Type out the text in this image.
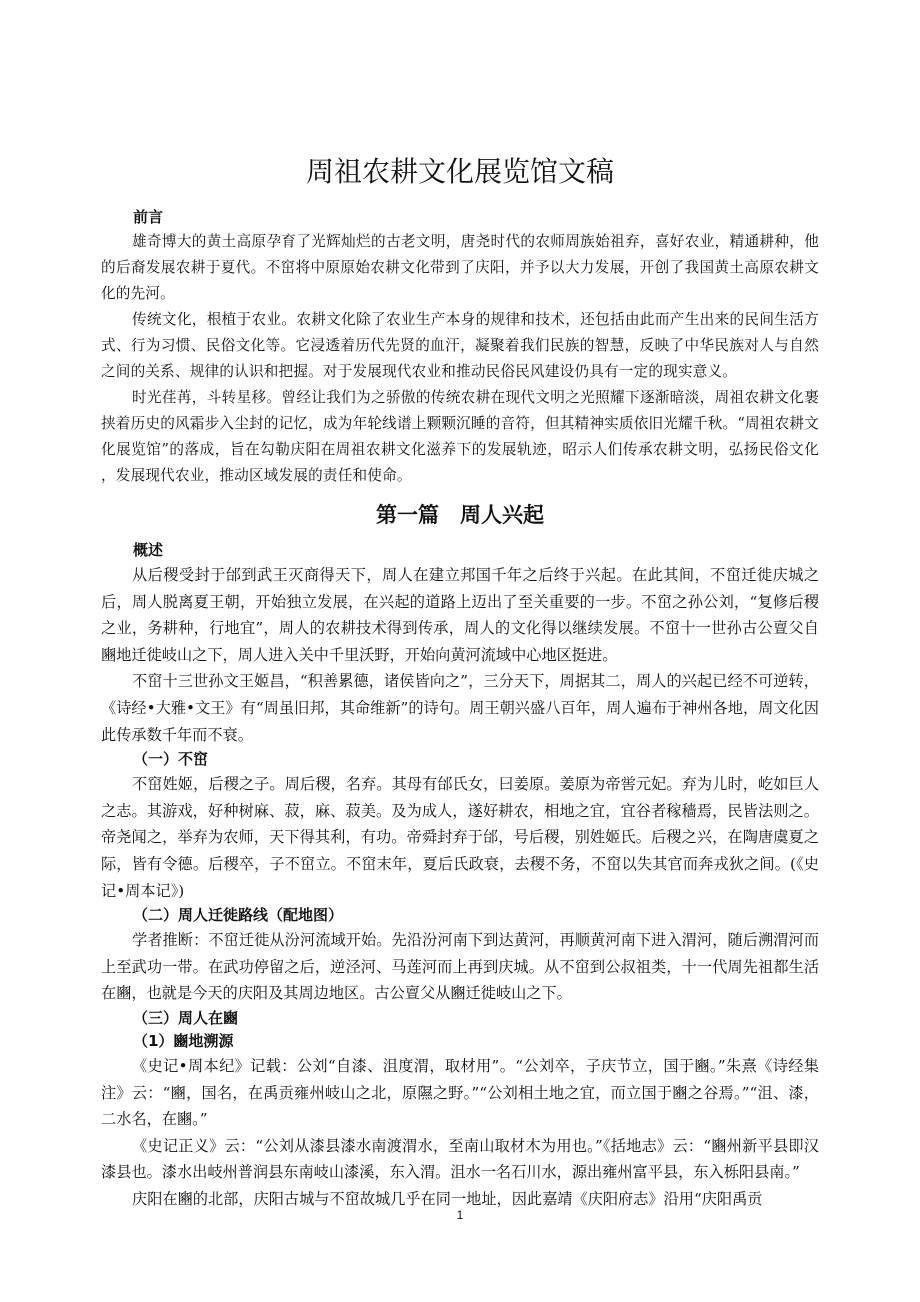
周祖农耕文化展览馆文稿

前言

雄奇博大的黄土高原孕育了光辉灿烂的古老文明，唐尧时代的农师周族始祖弃，喜好农业，精通耕种，他的后裔发展农耕于夏代。不窋将中原原始农耕文化带到了庆阳，并予以大力发展，开创了我国黄土高原农耕文化的先河。

传统文化，根植于农业。农耕文化除了农业生产本身的规律和技术，还包括由此而产生出来的民间生活方式、行为习惯、民俗文化等。它浸透着历代先贤的血汗，凝聚着我们民族的智慧，反映了中华民族对人与自然之间的关系、规律的认识和把握。对于发展现代农业和推动民俗民风建设仍具有一定的现实意义。

时光荏苒，斗转星移。曾经让我们为之骄傲的传统农耕在现代文明之光照耀下逐渐暗淡，周祖农耕文化裹挟着历史的风霜步入尘封的记忆，成为年轮线谱上颗颗沉睡的音符，但其精神实质依旧光耀千秋。“周祖农耕文化展览馆”的落成，旨在勾勒庆阳在周祖农耕文化滋养下的发展轨迹，昭示人们传承农耕文明，弘扬民俗文化 ，发展现代农业，推动区域发展的责任和使命。

第一篇　周人兴起

概述

从后稷受封于邰到武王灭商得天下，周人在建立邦国千年之后终于兴起。在此其间，不窋迁徙庆城之后，周人脱离夏王朝，开始独立发展，在兴起的道路上迈出了至关重要的一步。不窋之孙公刘，“复修后稷之业，务耕种，行地宜”，周人的农耕技术得到传承，周人的文化得以继续发展。不窋十一世孙古公亶父自豳地迁徙岐山之下，周人进入关中千里沃野，开始向黄河流域中心地区挺进。

不窋十三世孙文王姬昌，“积善累德，诸侯皆向之”，三分天下，周据其二，周人的兴起已经不可逆转，《诗经•大雅•文王》有“周虽旧邦，其命维新”的诗句。周王朝兴盛八百年，周人遍布于神州各地，周文化因此传承数千年而不衰。

（一）不窋

不窋姓姬，后稷之子。周后稷，名弃。其母有邰氏女，曰姜原。姜原为帝喾元妃。弃为儿时，屹如巨人之志。其游戏，好种树麻、菽，麻、菽美。及为成人，遂好耕农，相地之宜，宜谷者稼穑焉，民皆法则之。帝尧闻之，举弃为农师，天下得其利，有功。帝舜封弃于邰，号后稷，别姓姬氏。后稷之兴，在陶唐虞夏之际，皆有令德。后稷卒，子不窋立。不窋末年，夏后氏政衰，去稷不务，不窋以失其官而奔戎狄之间。(《史记•周本记》)

（二）周人迁徙路线（配地图）

学者推断：不窋迁徙从汾河流域开始。先沿汾河南下到达黄河，再顺黄河南下进入渭河，随后溯渭河而上至武功一带。在武功停留之后，逆泾河、马莲河而上再到庆城。从不窋到公叔祖类，十一代周先祖都生活在豳，也就是今天的庆阳及其周边地区。古公亶父从豳迁徙岐山之下。

（三）周人在豳

（1）豳地溯源

《史记•周本纪》记载：公刘“自漆、沮度渭，取材用”。“公刘卒，子庆节立，国于豳。”朱熹《诗经集注》云：“豳，国名，在禹贡雍州岐山之北，原隰之野。”“公刘相土地之宜，而立国于豳之谷焉。”“沮、漆，二水名，在豳。”

《史记正义》云：“公刘从漆县漆水南渡渭水，至南山取材木为用也。”《括地志》云：“豳州新平县即汉漆县也。漆水出岐州普润县东南岐山漆溪，东入渭。沮水一名石川水，源出雍州富平县，东入栎阳县南。”

庆阳在豳的北部，庆阳古城与不窋故城几乎在同一地址，因此嘉靖《庆阳府志》沿用“庆阳禹贡

1
